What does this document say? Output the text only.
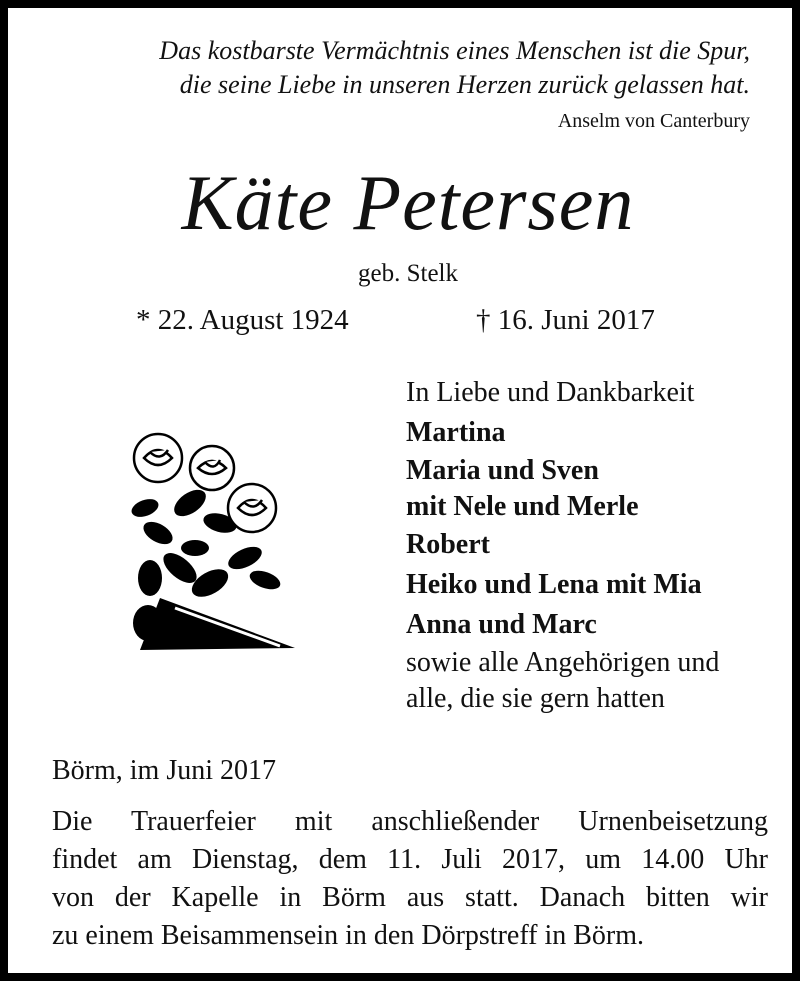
Das kostbarste Vermächtnis eines Menschen ist die Spur,
die seine Liebe in unseren Herzen zurück gelassen hat.
Anselm von Canterbury
Käte Petersen
geb. Stelk
* 22. August 1924	† 16. Juni 2017
In Liebe und Dankbarkeit
Martina
Maria und Sven
mit Nele und Merle
Robert
Heiko und Lena mit Mia
Anna und Marc
sowie alle Angehörigen und
alle, die sie gern hatten
Börm, im Juni 2017
Die Trauerfeier mit anschließender Urnenbeisetzung
findet am Dienstag, dem 11. Juli 2017, um 14.00 Uhr
von der Kapelle in Börm aus statt. Danach bitten wir
zu einem Beisammensein in den Dörpstreff in Börm.
